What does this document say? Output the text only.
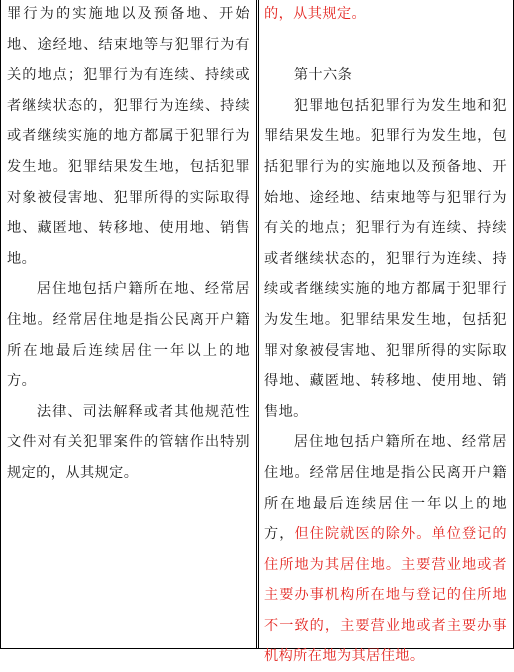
罪行为的实施地以及预备地、开始地、途经地、结束地等与犯罪行为有关的地点；犯罪行为有连续、持续或者继续状态的，犯罪行为连续、持续或者继续实施的地方都属于犯罪行为发生地。犯罪结果发生地，包括犯罪对象被侵害地、犯罪所得的实际取得地、藏匿地、转移地、使用地、销售地。

居住地包括户籍所在地、经常居住地。经常居住地是指公民离开户籍所在地最后连续居住一年以上的地方。

法律、司法解释或者其他规范性文件对有关犯罪案件的管辖作出特别规定的，从其规定。

的，从其规定。

第十六条

犯罪地包括犯罪行为发生地和犯罪结果发生地。犯罪行为发生地，包括犯罪行为的实施地以及预备地、开始地、途经地、结束地等与犯罪行为有关的地点；犯罪行为有连续、持续或者继续状态的，犯罪行为连续、持续或者继续实施的地方都属于犯罪行为发生地。犯罪结果发生地，包括犯罪对象被侵害地、犯罪所得的实际取得地、藏匿地、转移地、使用地、销售地。

居住地包括户籍所在地、经常居住地。经常居住地是指公民离开户籍所在地最后连续居住一年以上的地方，但住院就医的除外。单位登记的住所地为其居住地。主要营业地或者主要办事机构所在地与登记的住所地不一致的，主要营业地或者主要办事机构所在地为其居住地。
